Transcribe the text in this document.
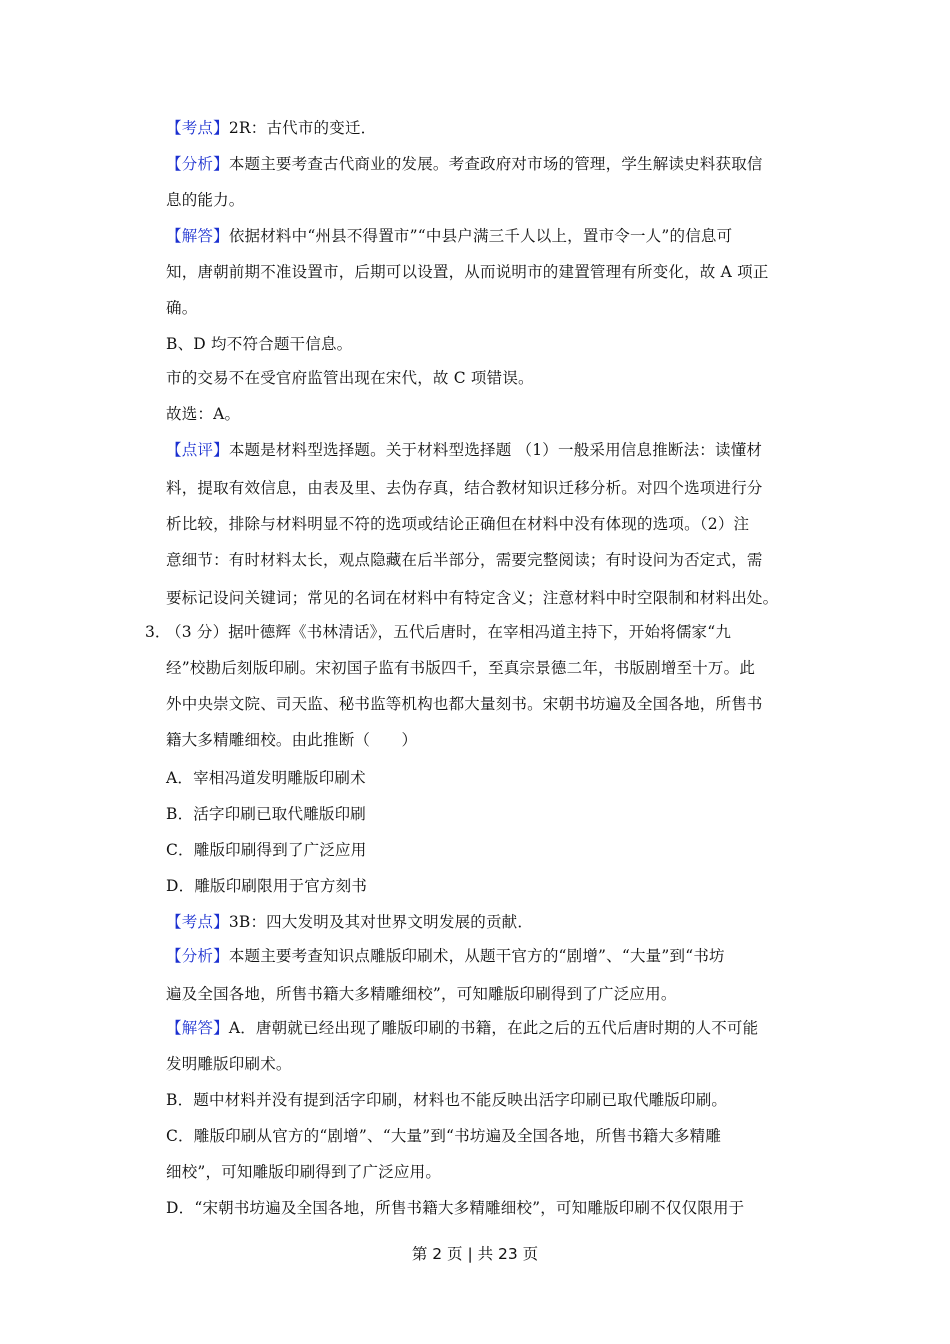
【考点】2R：古代市的变迁．
【分析】本题主要考查古代商业的发展。考查政府对市场的管理，学生解读史料获取信
息的能力。
【解答】依据材料中“州县不得置市”“中县户满三千人以上，置市令一人”的信息可
知，唐朝前期不准设置市，后期可以设置，从而说明市的建置管理有所变化，故 A 项正
确。
B、D 均不符合题干信息。
市的交易不在受官府监管出现在宋代，故 C 项错误。
故选：A。
【点评】本题是材料型选择题。关于材料型选择题 （1）一般采用信息推断法：读懂材
料，提取有效信息，由表及里、去伪存真，结合教材知识迁移分析。对四个选项进行分
析比较，排除与材料明显不符的选项或结论正确但在材料中没有体现的选项。（2）注
意细节：有时材料太长，观点隐藏在后半部分，需要完整阅读；有时设问为否定式，需
要标记设问关键词；常见的名词在材料中有特定含义；注意材料中时空限制和材料出处。
3．
（3 分）据叶德辉《书林清话》，五代后唐时，在宰相冯道主持下，开始将儒家“九
经”校勘后刻版印刷。宋初国子监有书版四千，至真宗景德二年，书版剧增至十万。此
外中央崇文院、司天监、秘书监等机构也都大量刻书。宋朝书坊遍及全国各地，所售书
籍大多精雕细校。由此推断（　　）
A．宰相冯道发明雕版印刷术
B．活字印刷已取代雕版印刷
C．雕版印刷得到了广泛应用
D．雕版印刷限用于官方刻书
【考点】3B：四大发明及其对世界文明发展的贡献．
【分析】本题主要考查知识点雕版印刷术，从题干官方的“剧增”、“大量”到“书坊
遍及全国各地，所售书籍大多精雕细校”，可知雕版印刷得到了广泛应用。
【解答】A．唐朝就已经出现了雕版印刷的书籍，在此之后的五代后唐时期的人不可能
发明雕版印刷术。
B．题中材料并没有提到活字印刷，材料也不能反映出活字印刷已取代雕版印刷。
C．雕版印刷从官方的“剧增”、“大量”到“书坊遍及全国各地，所售书籍大多精雕
细校”，可知雕版印刷得到了广泛应用。
D．“宋朝书坊遍及全国各地，所售书籍大多精雕细校”，可知雕版印刷不仅仅限用于
第 2 页 | 共 23 页
